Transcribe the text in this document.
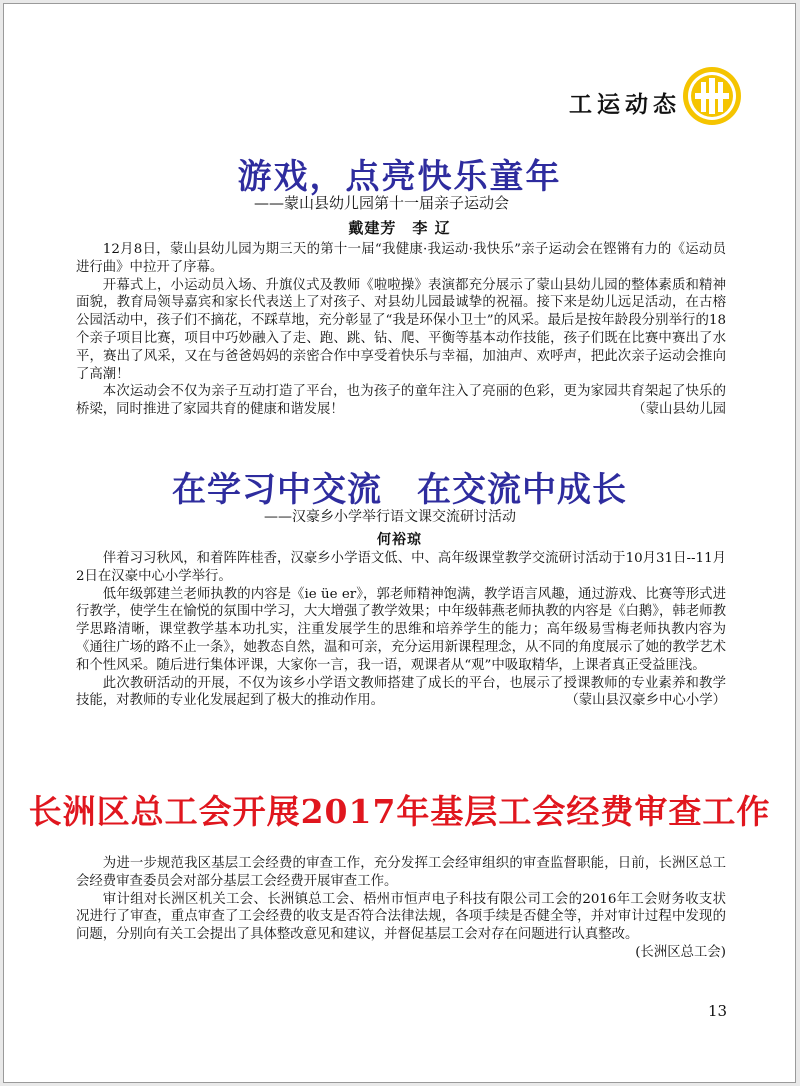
工运动态
游戏，点亮快乐童年
——蒙山县幼儿园第十一届亲子运动会
戴建芳　李 辽

12月8日，蒙山县幼儿园为期三天的第十一届“我健康·我运动·我快乐”亲子运动会在铿锵有力的《运动员进行曲》中拉开了序幕。

开幕式上，小运动员入场、升旗仪式及教师《啦啦操》表演都充分展示了蒙山县幼儿园的整体素质和精神面貌，教育局领导嘉宾和家长代表送上了对孩子、对县幼儿园最诚挚的祝福。接下来是幼儿远足活动，在古榕公园活动中，孩子们不摘花，不踩草地，充分彰显了“我是环保小卫士”的风采。最后是按年龄段分别举行的18个亲子项目比赛，项目中巧妙融入了走、跑、跳、钻、爬、平衡等基本动作技能，孩子们既在比赛中赛出了水平，赛出了风采，又在与爸爸妈妈的亲密合作中享受着快乐与幸福，加油声、欢呼声，把此次亲子运动会推向了高潮！

本次运动会不仅为亲子互动打造了平台，也为孩子的童年注入了亮丽的色彩，更为家园共育架起了快乐的桥梁，同时推进了家园共育的健康和谐发展！	（蒙山县幼儿园

在学习中交流　在交流中成长
——汉豪乡小学举行语文课交流研讨活动
何裕琼

伴着习习秋风，和着阵阵桂香，汉豪乡小学语文低、中、高年级课堂教学交流研讨活动于10月31日--11月2日在汉豪中心小学举行。

低年级郭建兰老师执教的内容是《ie üe er》，郭老师精神饱满，教学语言风趣，通过游戏、比赛等形式进行教学，使学生在愉悦的氛围中学习，大大增强了教学效果；中年级韩燕老师执教的内容是《白鹅》，韩老师教学思路清晰，课堂教学基本功扎实，注重发展学生的思维和培养学生的能力；高年级易雪梅老师执教内容为《通往广场的路不止一条》，她教态自然，温和可亲，充分运用新课程理念，从不同的角度展示了她的教学艺术和个性风采。随后进行集体评课，大家你一言，我一语，观课者从“观”中吸取精华，上课者真正受益匪浅。

此次教研活动的开展，不仅为该乡小学语文教师搭建了成长的平台，也展示了授课教师的专业素养和教学技能，对教师的专业化发展起到了极大的推动作用。	（蒙山县汉豪乡中心小学）

长洲区总工会开展2017年基层工会经费审查工作

为进一步规范我区基层工会经费的审查工作，充分发挥工会经审组织的审查监督职能，日前，长洲区总工会经费审查委员会对部分基层工会经费开展审查工作。

审计组对长洲区机关工会、长洲镇总工会、梧州市恒声电子科技有限公司工会的2016年工会财务收支状况进行了审查，重点审查了工会经费的收支是否符合法律法规，各项手续是否健全等，并对审计过程中发现的问题，分别向有关工会提出了具体整改意见和建议，并督促基层工会对存在问题进行认真整改。
(长洲区总工会)

13
